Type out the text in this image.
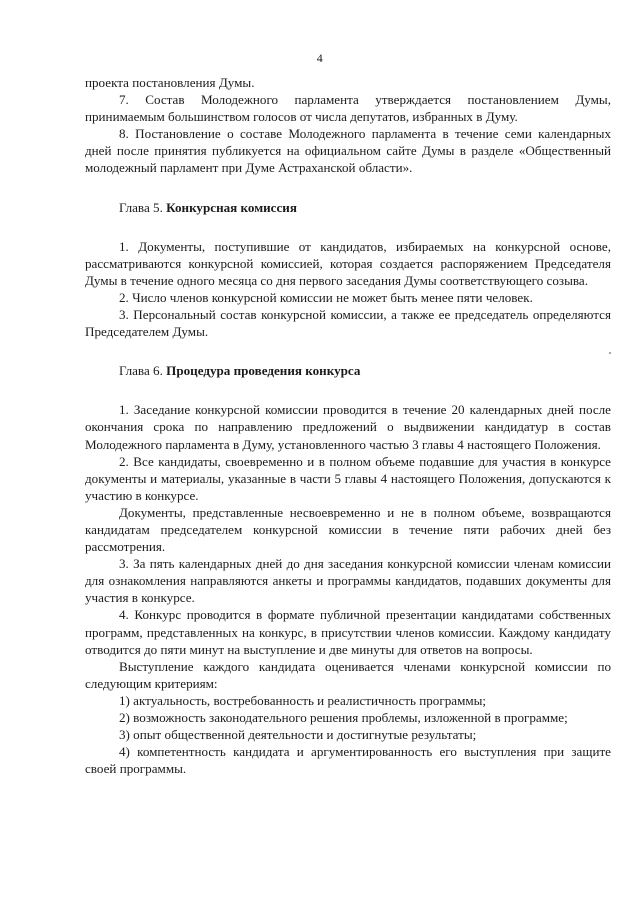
4

проекта постановления Думы.

7. Состав Молодежного парламента утверждается постановлением Думы, принимаемым большинством голосов от числа депутатов, избранных в Думу.

8. Постановление о составе Молодежного парламента в течение семи календарных дней после принятия публикуется на официальном сайте Думы в разделе «Общественный молодежный парламент при Думе Астраханской области».

Глава 5. Конкурсная комиссия

1. Документы, поступившие от кандидатов, избираемых на конкурсной основе, рассматриваются конкурсной комиссией, которая создается распоряжением Председателя Думы в течение одного месяца со дня первого заседания Думы соответствующего созыва.

2. Число членов конкурсной комиссии не может быть менее пяти человек.

3. Персональный состав конкурсной комиссии, а также ее председатель определяются Председателем Думы.

Глава 6. Процедура проведения конкурса

1. Заседание конкурсной комиссии проводится в течение 20 календарных дней после окончания срока по направлению предложений о выдвижении кандидатур в состав Молодежного парламента в Думу, установленного частью 3 главы 4 настоящего Положения.

2. Все кандидаты, своевременно и в полном объеме подавшие для участия в конкурсе документы и материалы, указанные в части 5 главы 4 настоящего Положения, допускаются к участию в конкурсе.

Документы, представленные несвоевременно и не в полном объеме, возвращаются кандидатам председателем конкурсной комиссии в течение пяти рабочих дней без рассмотрения.

3. За пять календарных дней до дня заседания конкурсной комиссии членам комиссии для ознакомления направляются анкеты и программы кандидатов, подавших документы для участия в конкурсе.

4. Конкурс проводится в формате публичной презентации кандидатами собственных программ, представленных на конкурс, в присутствии членов комиссии. Каждому кандидату отводится до пяти минут на выступление и две минуты для ответов на вопросы.

Выступление каждого кандидата оценивается членами конкурсной комиссии по следующим критериям:

1) актуальность, востребованность и реалистичность программы;

2) возможность законодательного решения проблемы, изложенной в программе;

3) опыт общественной деятельности и достигнутые результаты;

4) компетентность кандидата и аргументированность его выступления при защите своей программы.
